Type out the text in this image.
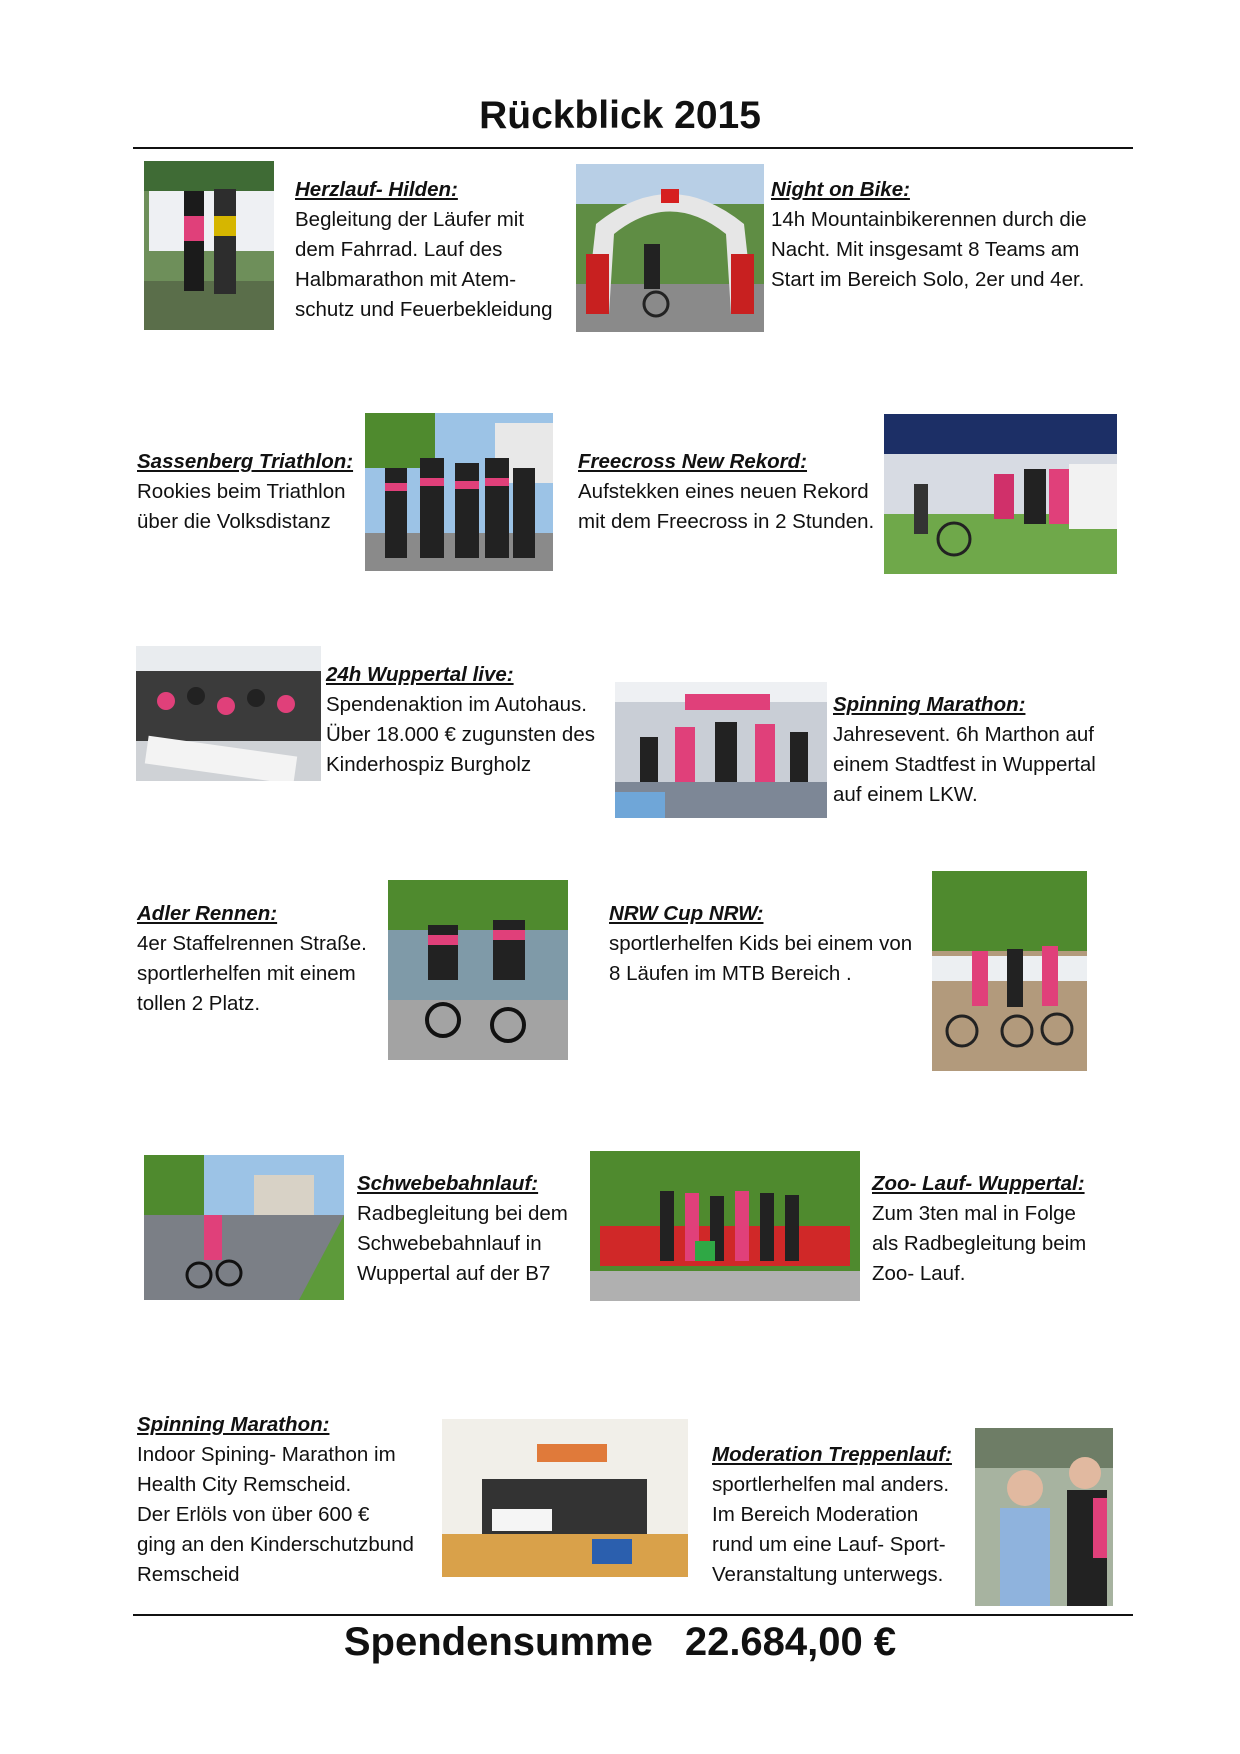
Rückblick 2015
Herzlauf- Hilden:
Begleitung der Läufer mit
dem Fahrrad. Lauf des
Halbmarathon mit Atem-
schutz und Feuerbekleidung
Night on Bike:
14h Mountainbikerennen durch die
Nacht. Mit insgesamt 8 Teams am
Start im Bereich Solo, 2er und 4er.
Sassenberg Triathlon:
Rookies beim Triathlon
über die Volksdistanz
Freecross New Rekord:
Aufstekken eines neuen Rekord
mit dem Freecross in 2 Stunden.
24h Wuppertal live:
Spendenaktion im Autohaus.
Über 18.000 € zugunsten des
Kinderhospiz Burgholz
Spinning Marathon:
Jahresevent. 6h Marthon auf
einem Stadtfest in Wuppertal
auf einem LKW.
Adler Rennen:
4er Staffelrennen Straße.
sportlerhelfen mit einem
tollen 2 Platz.
NRW Cup NRW:
sportlerhelfen Kids bei einem von
8 Läufen im MTB Bereich .
Schwebebahnlauf:
Radbegleitung bei dem
Schwebebahnlauf in
Wuppertal auf der B7
Zoo- Lauf- Wuppertal:
Zum 3ten mal in Folge
als Radbegleitung beim
Zoo- Lauf.
Spinning Marathon:
Indoor Spining- Marathon im
Health City Remscheid.
Der Erlöls von über 600 €
ging an den Kinderschutzbund
Remscheid
Moderation Treppenlauf:
sportlerhelfen mal anders.
Im Bereich Moderation
rund um eine Lauf- Sport-
Veranstaltung unterwegs.
Spendensumme 22.684,00 €
